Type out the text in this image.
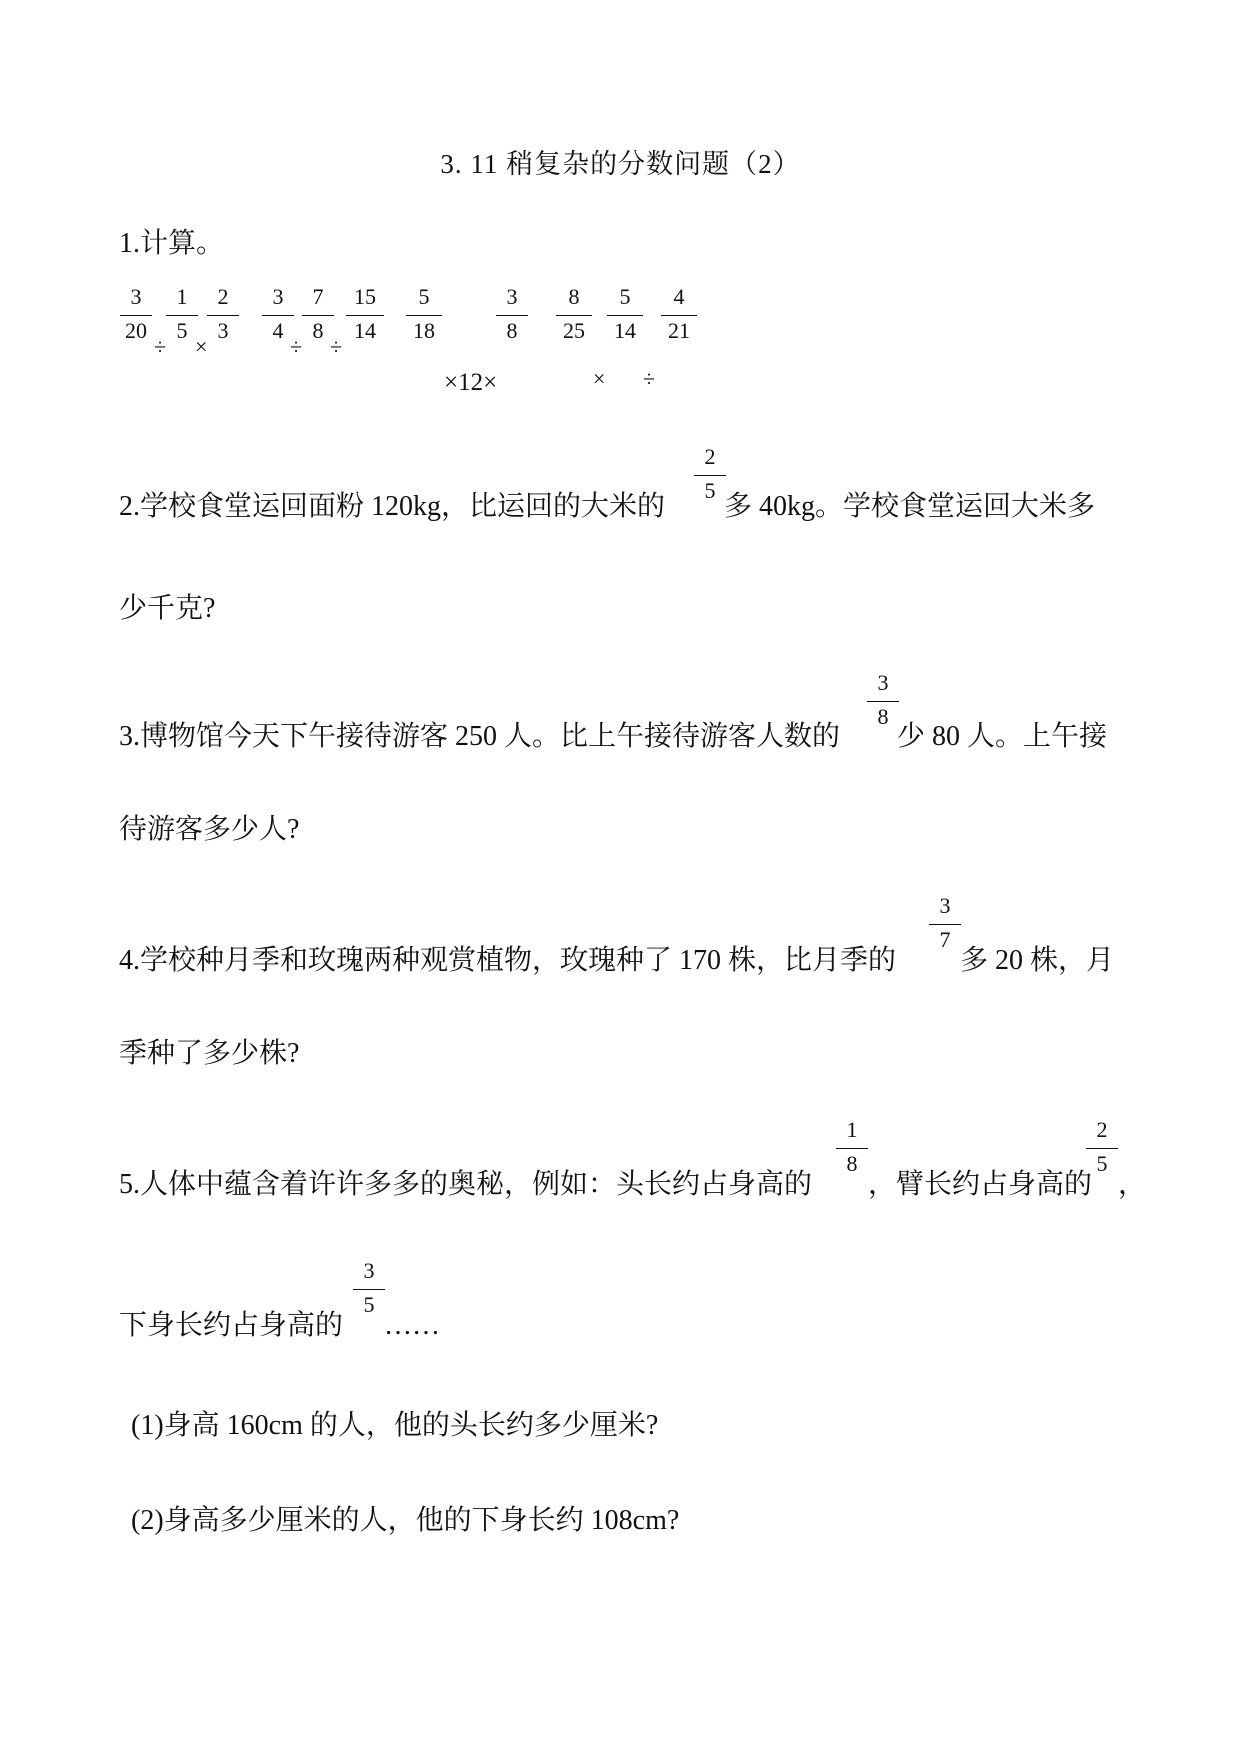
3. 11 稍复杂的分数问题（2）
1.计算。
3
20
÷
1
5
×
2
3
3
4
÷
7
8
÷
15
14
5
18
×12×
3
8
8
25
×
5
14
÷
4
21
2.学校食堂运回面粉 120kg，比运回的大米的
2
5
多 40kg。学校食堂运回大米多
少千克?
3.博物馆今天下午接待游客 250 人。比上午接待游客人数的
3
8
少 80 人。上午接
待游客多少人?
4.学校种月季和玫瑰两种观赏植物，玫瑰种了 170 株，比月季的
3
7
多 20 株，月
季种了多少株?
5.人体中蕴含着许许多多的奥秘，例如：头长约占身高的
1
8
，臂长约占身高的
2
5
，
下身长约占身高的
3
5
……
(1)身高 160cm 的人，他的头长约多少厘米?
(2)身高多少厘米的人，他的下身长约 108cm?
